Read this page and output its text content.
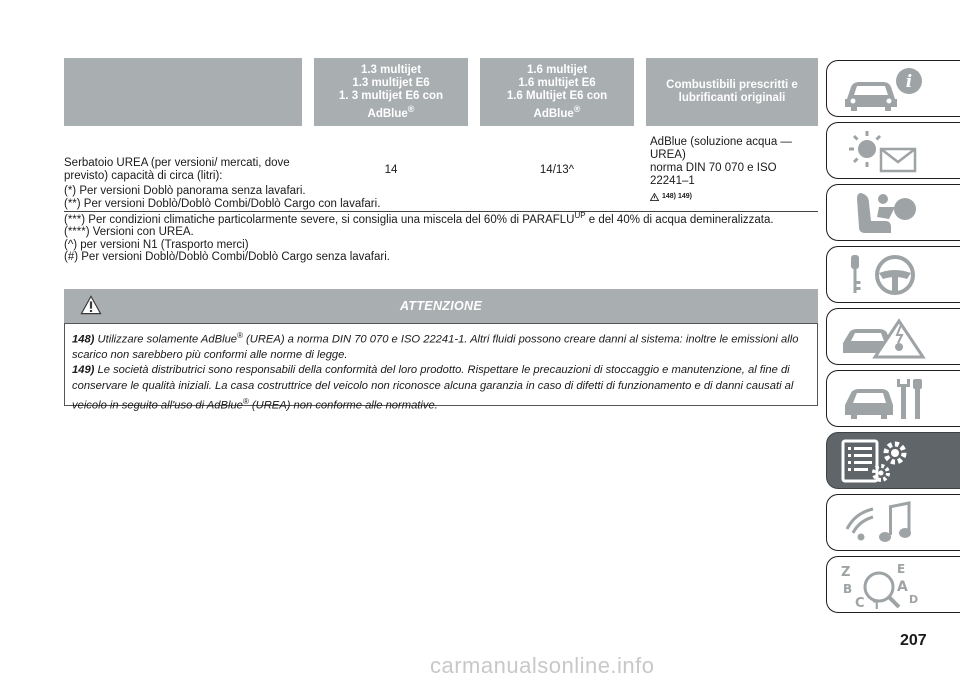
	1.3 multijet
1.3 multijet E6
1. 3 multijet E6 con
AdBlue®	1.6 multijet
1.6 multijet E6
1.6 Multijet E6 con
AdBlue®	Combustibili prescritti e
lubrificanti originali

Serbatoio UREA (per versioni/ mercati, dove previsto) capacità di circa (litri):	14	14/13^	AdBlue (soluzione acqua — UREA)
norma DIN 70 070 e ISO 22241–1
148) 149)
(*) Per versioni Doblò panorama senza lavafari.
(**) Per versioni Doblò/Doblò Combi/Doblò Cargo con lavafari.
(***) Per condizioni climatiche particolarmente severe, si consiglia una miscela del 60% di $PARAFLU^{UP}$ e del 40% di acqua demineralizzata.
(****) Versioni con UREA.
(^) per versioni N1 (Trasporto merci)
(#) Per versioni Doblò/Doblò Combi/Doblò Cargo senza lavafari.
ATTENZIONE

148) Utilizzare solamente AdBlue® (UREA) a norma DIN 70 070 e ISO 22241-1. Altri fluidi possono creare danni al sistema: inoltre le emissioni allo scarico non sarebbero più conformi alle norme di legge.

149) Le società distributrici sono responsabili della conformità del loro prodotto. Rispettare le precauzioni di stoccaggio e manutenzione, al fine di conservare le qualità iniziali. La casa costruttrice del veicolo non riconosce alcuna garanzia in caso di difetti di funzionamento e di danni causati al veicolo in seguito all'uso di AdBlue® (UREA) non conforme alle normative.

i
Z	E
B	A
C	D
T
207
carmanualsonline.info
